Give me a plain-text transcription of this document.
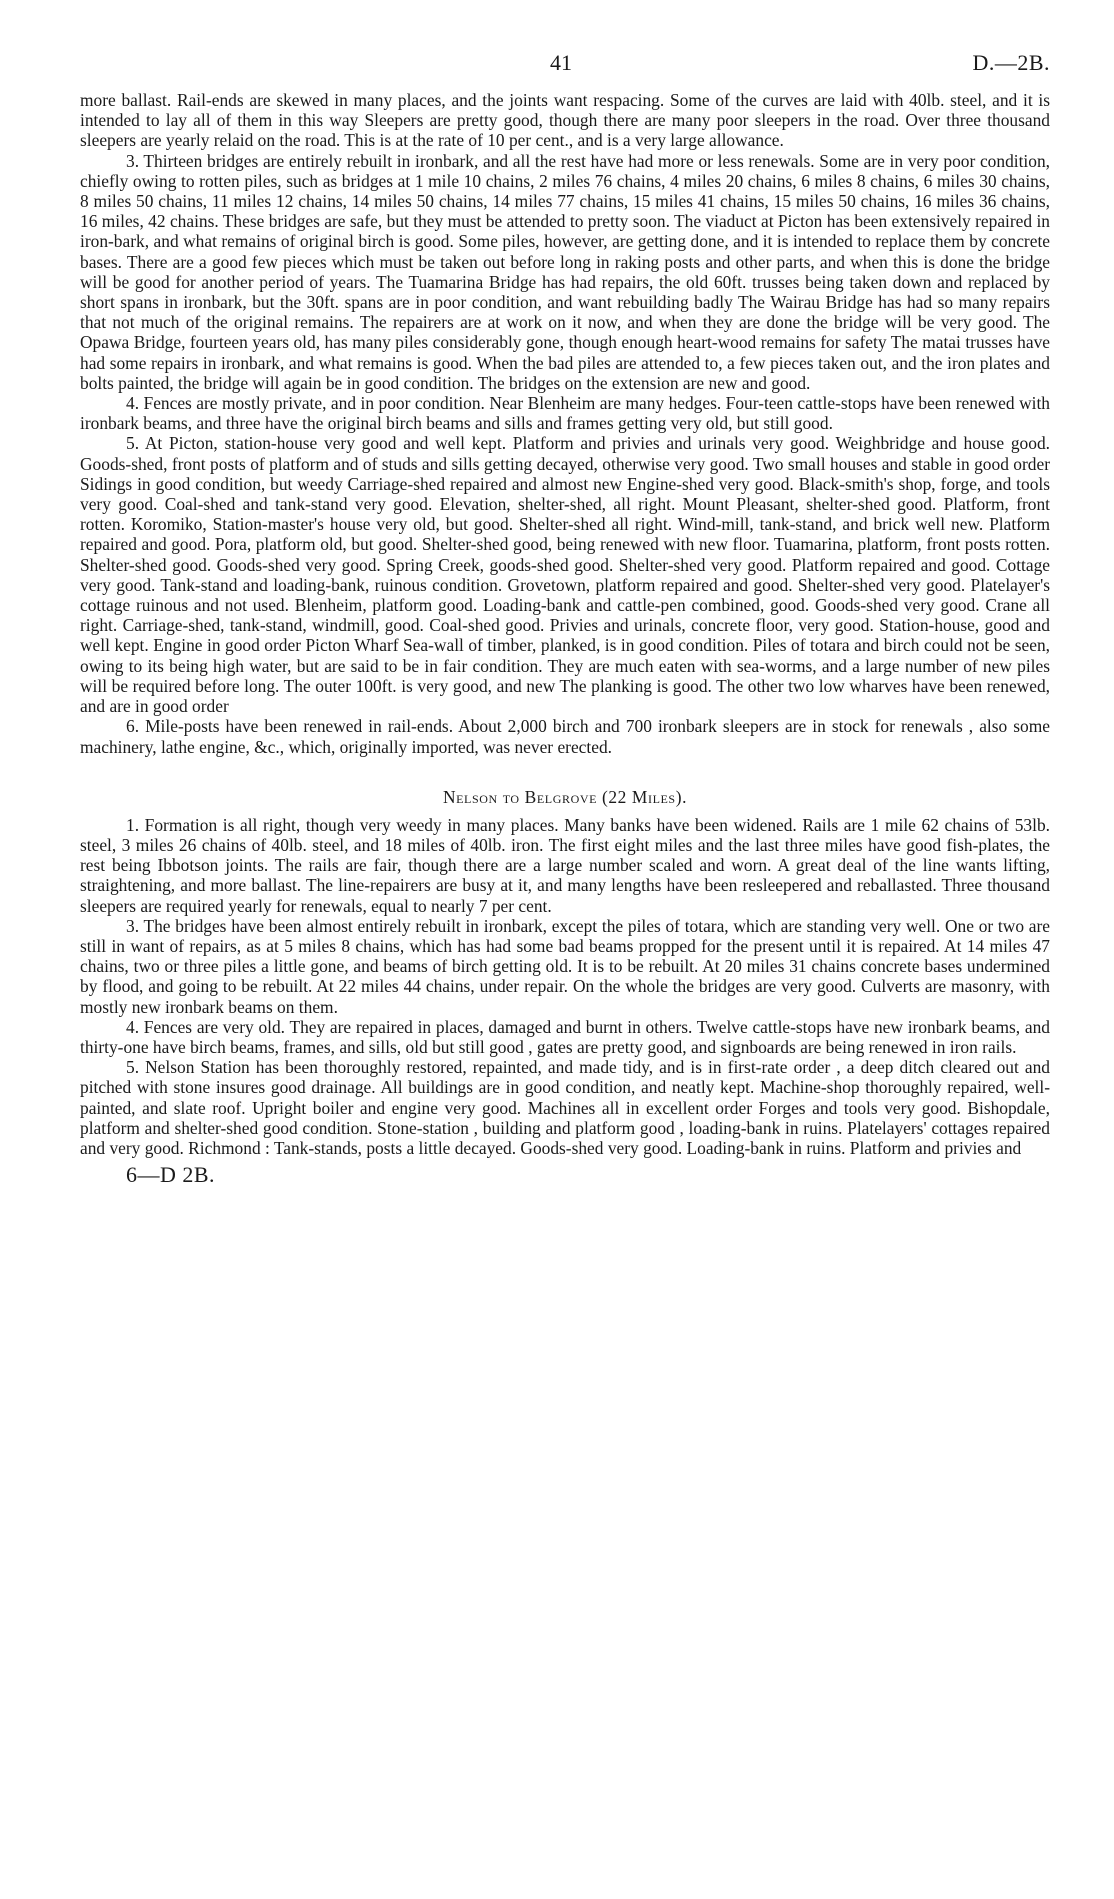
41	D.—2B.

more ballast. Rail-ends are skewed in many places, and the joints want respacing. Some of the curves are laid with 40lb. steel, and it is intended to lay all of them in this way Sleepers are pretty good, though there are many poor sleepers in the road. Over three thousand sleepers are yearly relaid on the road. This is at the rate of 10 per cent., and is a very large allowance.

3. Thirteen bridges are entirely rebuilt in ironbark, and all the rest have had more or less renewals. Some are in very poor condition, chiefly owing to rotten piles, such as bridges at 1 mile 10 chains, 2 miles 76 chains, 4 miles 20 chains, 6 miles 8 chains, 6 miles 30 chains, 8 miles 50 chains, 11 miles 12 chains, 14 miles 50 chains, 14 miles 77 chains, 15 miles 41 chains, 15 miles 50 chains, 16 miles 36 chains, 16 miles, 42 chains. These bridges are safe, but they must be attended to pretty soon. The viaduct at Picton has been extensively repaired in iron-bark, and what remains of original birch is good. Some piles, however, are getting done, and it is intended to replace them by concrete bases. There are a good few pieces which must be taken out before long in raking posts and other parts, and when this is done the bridge will be good for another period of years. The Tuamarina Bridge has had repairs, the old 60ft. trusses being taken down and replaced by short spans in ironbark, but the 30ft. spans are in poor condition, and want rebuilding badly The Wairau Bridge has had so many repairs that not much of the original remains. The repairers are at work on it now, and when they are done the bridge will be very good. The Opawa Bridge, fourteen years old, has many piles considerably gone, though enough heart-wood remains for safety The matai trusses have had some repairs in ironbark, and what remains is good. When the bad piles are attended to, a few pieces taken out, and the iron plates and bolts painted, the bridge will again be in good condition. The bridges on the extension are new and good.

4. Fences are mostly private, and in poor condition. Near Blenheim are many hedges. Four-teen cattle-stops have been renewed with ironbark beams, and three have the original birch beams and sills and frames getting very old, but still good.

5. At Picton, station-house very good and well kept. Platform and privies and urinals very good. Weighbridge and house good. Goods-shed, front posts of platform and of studs and sills getting decayed, otherwise very good. Two small houses and stable in good order Sidings in good condition, but weedy Carriage-shed repaired and almost new Engine-shed very good. Black-smith's shop, forge, and tools very good. Coal-shed and tank-stand very good. Elevation, shelter-shed, all right. Mount Pleasant, shelter-shed good. Platform, front rotten. Koromiko, Station-master's house very old, but good. Shelter-shed all right. Wind-mill, tank-stand, and brick well new. Platform repaired and good. Pora, platform old, but good. Shelter-shed good, being renewed with new floor. Tuamarina, platform, front posts rotten. Shelter-shed good. Goods-shed very good. Spring Creek, goods-shed good. Shelter-shed very good. Platform repaired and good. Cottage very good. Tank-stand and loading-bank, ruinous condition. Grovetown, platform repaired and good. Shelter-shed very good. Platelayer's cottage ruinous and not used. Blenheim, platform good. Loading-bank and cattle-pen combined, good. Goods-shed very good. Crane all right. Carriage-shed, tank-stand, windmill, good. Coal-shed good. Privies and urinals, concrete floor, very good. Station-house, good and well kept. Engine in good order Picton Wharf Sea-wall of timber, planked, is in good condition. Piles of totara and birch could not be seen, owing to its being high water, but are said to be in fair condition. They are much eaten with sea-worms, and a large number of new piles will be required before long. The outer 100ft. is very good, and new The planking is good. The other two low wharves have been renewed, and are in good order

6. Mile-posts have been renewed in rail-ends. About 2,000 birch and 700 ironbark sleepers are in stock for renewals , also some machinery, lathe engine, &c., which, originally imported, was never erected.

Nelson to Belgrove (22 Miles).

1. Formation is all right, though very weedy in many places. Many banks have been widened. Rails are 1 mile 62 chains of 53lb. steel, 3 miles 26 chains of 40lb. steel, and 18 miles of 40lb. iron. The first eight miles and the last three miles have good fish-plates, the rest being Ibbotson joints. The rails are fair, though there are a large number scaled and worn. A great deal of the line wants lifting, straightening, and more ballast. The line-repairers are busy at it, and many lengths have been resleepered and reballasted. Three thousand sleepers are required yearly for renewals, equal to nearly 7 per cent.

3. The bridges have been almost entirely rebuilt in ironbark, except the piles of totara, which are standing very well. One or two are still in want of repairs, as at 5 miles 8 chains, which has had some bad beams propped for the present until it is repaired. At 14 miles 47 chains, two or three piles a little gone, and beams of birch getting old. It is to be rebuilt. At 20 miles 31 chains concrete bases undermined by flood, and going to be rebuilt. At 22 miles 44 chains, under repair. On the whole the bridges are very good. Culverts are masonry, with mostly new ironbark beams on them.

4. Fences are very old. They are repaired in places, damaged and burnt in others. Twelve cattle-stops have new ironbark beams, and thirty-one have birch beams, frames, and sills, old but still good , gates are pretty good, and signboards are being renewed in iron rails.

5. Nelson Station has been thoroughly restored, repainted, and made tidy, and is in first-rate order , a deep ditch cleared out and pitched with stone insures good drainage. All buildings are in good condition, and neatly kept. Machine-shop thoroughly repaired, well-painted, and slate roof. Upright boiler and engine very good. Machines all in excellent order Forges and tools very good. Bishopdale, platform and shelter-shed good condition. Stone-station , building and platform good , loading-bank in ruins. Platelayers' cottages repaired and very good. Richmond : Tank-stands, posts a little decayed. Goods-shed very good. Loading-bank in ruins. Platform and privies and

6—D 2B.
